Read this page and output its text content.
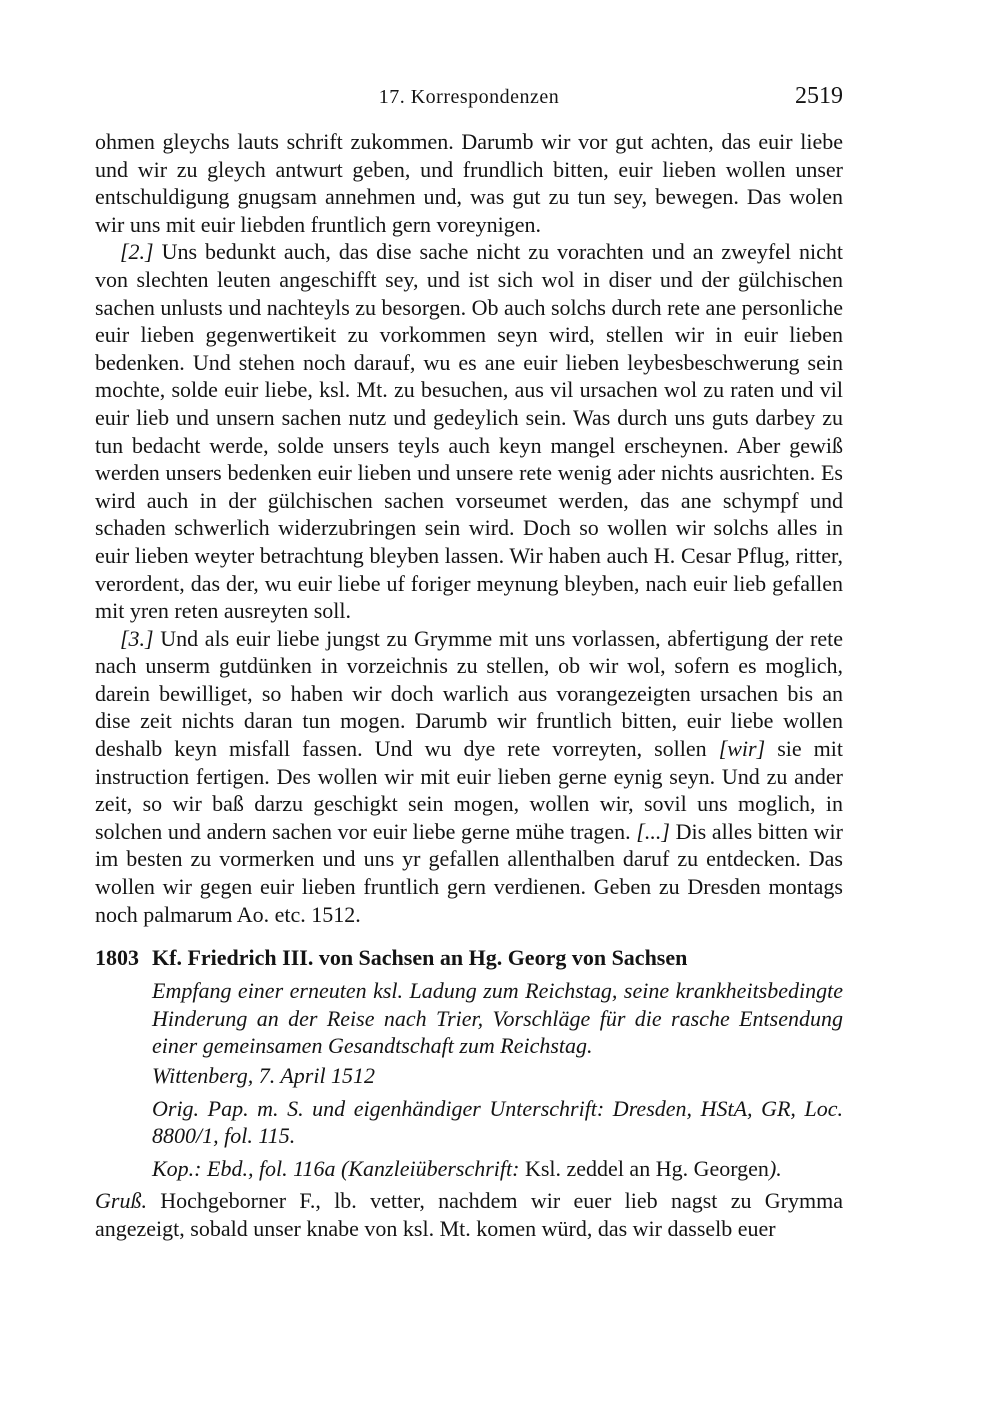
17. Korrespondenzen	2519

ohmen gleychs lauts schrift zukommen. Darumb wir vor gut achten, das euir liebe und wir zu gleych antwurt geben, und frundlich bitten, euir lieben wollen unser entschuldigung gnugsam annehmen und, was gut zu tun sey, bewegen. Das wolen wir uns mit euir liebden fruntlich gern voreynigen.

[2.] Uns bedunkt auch, das dise sache nicht zu vorachten und an zweyfel nicht von slechten leuten angeschifft sey, und ist sich wol in diser und der gülchischen sachen unlusts und nachteyls zu besorgen. Ob auch solchs durch rete ane personliche euir lieben gegenwertikeit zu vorkommen seyn wird, stellen wir in euir lieben bedenken. Und stehen noch darauf, wu es ane euir lieben leybesbeschwerung sein mochte, solde euir liebe, ksl. Mt. zu besuchen, aus vil ursachen wol zu raten und vil euir lieb und unsern sachen nutz und gedeylich sein. Was durch uns guts darbey zu tun bedacht werde, solde unsers teyls auch keyn mangel erscheynen. Aber gewiß werden unsers bedenken euir lieben und unsere rete wenig ader nichts ausrichten. Es wird auch in der gülchischen sachen vorseumet werden, das ane schympf und schaden schwerlich widerzubringen sein wird. Doch so wollen wir solchs alles in euir lieben weyter betrachtung bleyben lassen. Wir haben auch H. Cesar Pflug, ritter, verordent, das der, wu euir liebe uf foriger meynung bleyben, nach euir lieb gefallen mit yren reten ausreyten soll.

[3.] Und als euir liebe jungst zu Grymme mit uns vorlassen, abfertigung der rete nach unserm gutdünken in vorzeichnis zu stellen, ob wir wol, sofern es moglich, darein bewilliget, so haben wir doch warlich aus vorangezeigten ursachen bis an dise zeit nichts daran tun mogen. Darumb wir fruntlich bitten, euir liebe wollen deshalb keyn misfall fassen. Und wu dye rete vorreyten, sollen [wir] sie mit instruction fertigen. Des wollen wir mit euir lieben gerne eynig seyn. Und zu ander zeit, so wir baß darzu geschigkt sein mogen, wollen wir, sovil uns moglich, in solchen und andern sachen vor euir liebe gerne mühe tragen. [...] Dis alles bitten wir im besten zu vormerken und uns yr gefallen allenthalben daruf zu entdecken. Das wollen wir gegen euir lieben fruntlich gern verdienen. Geben zu Dresden montags noch palmarum Ao. etc. 1512.

1803 Kf. Friedrich III. von Sachsen an Hg. Georg von Sachsen

Empfang einer erneuten ksl. Ladung zum Reichstag, seine krankheitsbedingte Hinderung an der Reise nach Trier, Vorschläge für die rasche Entsendung einer gemeinsamen Gesandtschaft zum Reichstag.

Wittenberg, 7. April 1512

Orig. Pap. m. S. und eigenhändiger Unterschrift: Dresden, HStA, GR, Loc. 8800/1, fol. 115.

Kop.: Ebd., fol. 116a (Kanzleiüberschrift: Ksl. zeddel an Hg. Georgen).

Gruß. Hochgeborner F., lb. vetter, nachdem wir euer lieb nagst zu Grymma angezeigt, sobald unser knabe von ksl. Mt. komen würd, das wir dasselb euer
